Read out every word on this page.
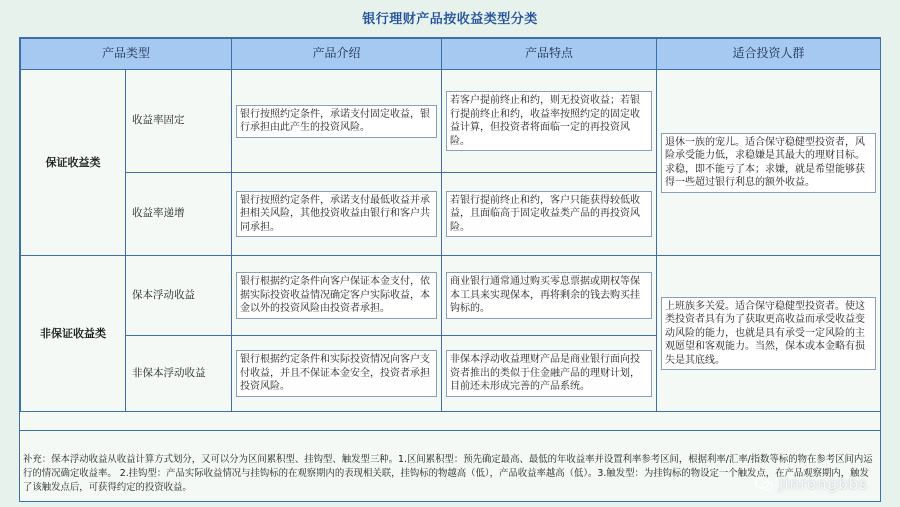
银行理财产品按收益类型分类
产品类型		产品介绍	产品特点	适合投资人群
保证收益类	收益率固定	银行按照约定条件，承诺支付固定收益，银行承担由此产生的投资风险。	若客户提前终止和约，则无投资收益；若银行提前终止和约，收益率按照约定的固定收益计算，但投资者将面临一定的再投资风险。	退休一族的宠儿。适合保守稳健型投资者，风险承受能力低，求稳嫌是其最大的理财目标。求稳，即不能亏了本；求嫌，就是希望能够获得一些超过银行利息的额外收益。

	收益率递增	银行按照约定条件，承诺支付最低收益并承担相关风险，其他投资收益由银行和客户共同承担。	若银行提前终止和约，客户只能获得较低收益，且面临高于固定收益类产品的再投资风险。	

非保证收益类	保本浮动收益	银行根据约定条件向客户保证本金支付，依据实际投资收益情况确定客户实际收益，本金以外的投资风险由投资者承担。	商业银行通常通过购买零息票据或期权等保本工具来实现保本，再将剩余的钱去购买挂钩标的。	上班族多关爱。适合保守稳健型投资者。使这类投资者具有为了获取更高收益而承受收益变动风险的能力，也就是具有承受一定风险的主观愿望和客观能力。当然，保本或本金略有损失是其底线。

	非保本浮动收益	银行根据约定条件和实际投资情况向客户支付收益，并且不保证本金安全，投资者承担投资风险。	非保本浮动收益理财产品是商业银行面向投资者推出的类似于住金融产品的理财计划，目前还未形成完善的产品系统。	
补充：保本浮动收益从收益计算方式划分，又可以分为区间累积型、挂钩型、触发型三种。1.区间累积型：预先确定最高、最低的年收益率并设置利率参考区间，根据利率/汇率/指数等标的物在参考区间内运行的情况确定收益率。 2.挂钩型：产品实际收益情况与挂钩标的在观察期内的表现相关联，挂钩标的物越高（低），产品收益率越高（低）。3.触发型：为挂钩标的物设定一个触发点，在产品观察期内，触发了该触发点后，可获得约定的投资收益。	Jinrongbbs
